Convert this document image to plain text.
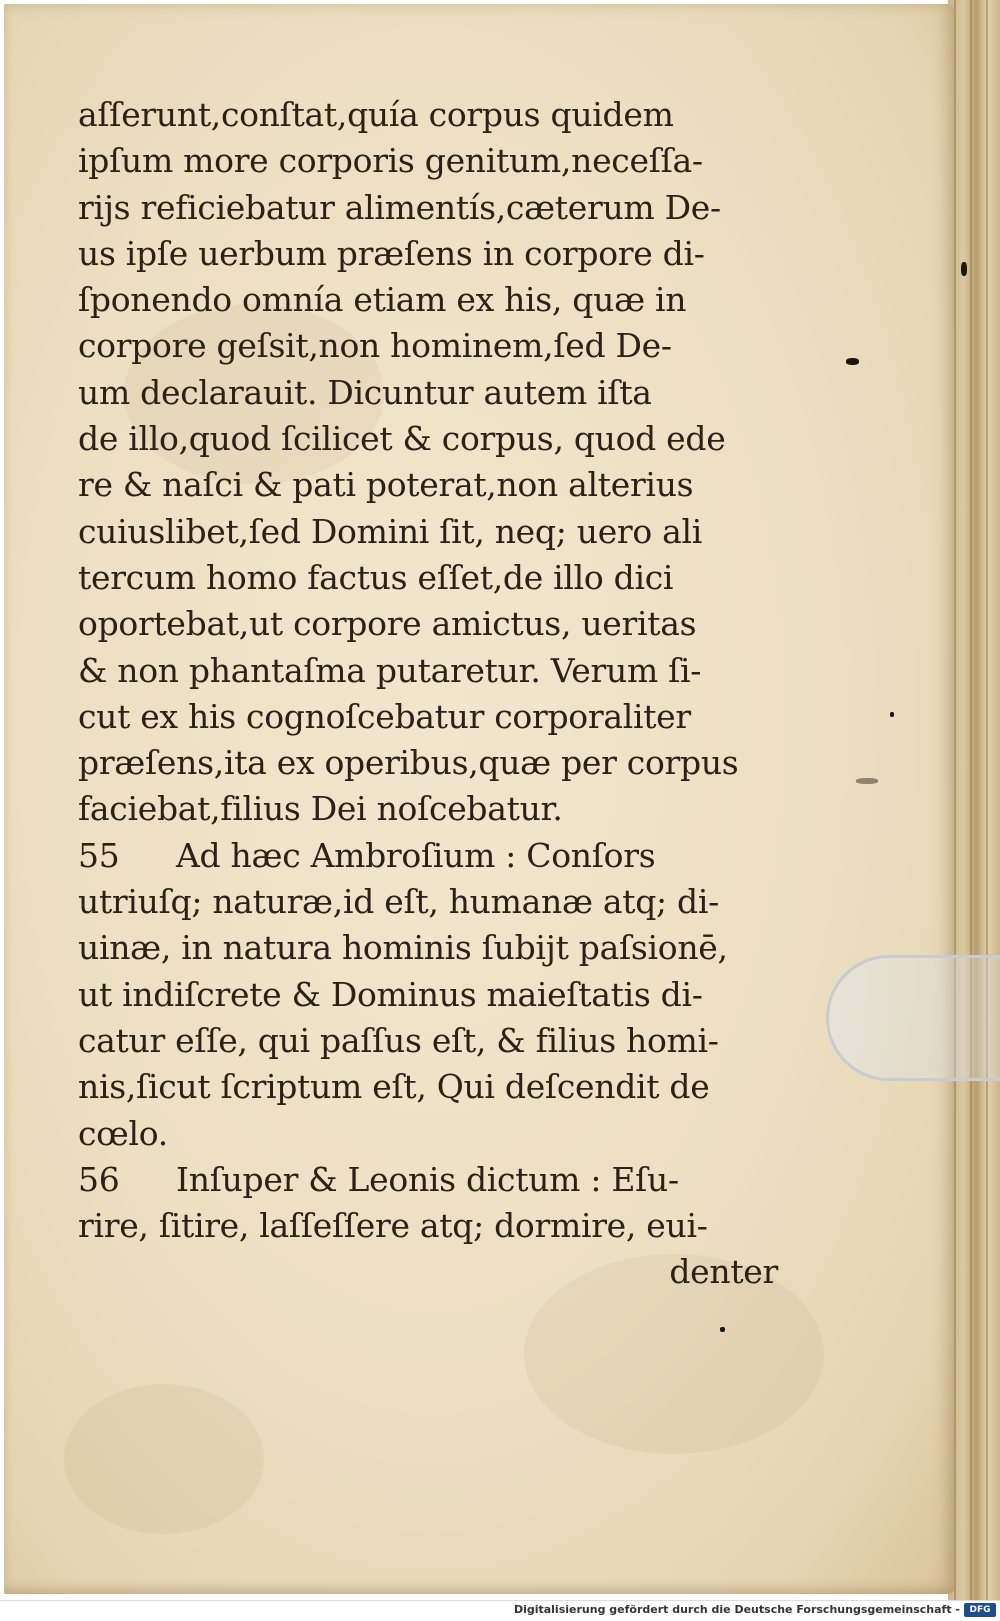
aſſerunt,conſtat,quía corpus quidem
ipſum more corporis genitum,neceſſa-
rijs reficiebatur alimentís,cæterum De-
us ipſe uerbum præſens in corpore di-
ſponendo omnía etiam ex his, quæ in
corpore geſsit,non hominem,ſed De-
um declarauit. Dicuntur autem iſta
de illo,quod ſcilicet & corpus, quod ede
re & naſci & pati poterat,non alterius
cuiuslibet,ſed Domini ſit, neq; uero ali
tercum homo factus eſſet,de illo dici
oportebat,ut corpore amictus, ueritas
& non phantaſma putaretur. Verum ſi-
cut ex his cognoſcebatur corporaliter
præſens,ita ex operibus,quæ per corpus
faciebat,filius Dei noſcebatur.
55 Ad hæc Ambroſium : Conſors
utriuſq; naturæ,id eſt, humanæ atq; di-
uinæ, in natura hominis ſubijt paſsionē,
ut indiſcrete & Dominus maieſtatis di-
catur eſſe, qui paſſus eſt, & filius homi-
nis,ſicut ſcriptum eſt, Qui deſcendit de
cœlo.
56 Inſuper & Leonis dictum : Eſu-
rire, ſitire, laſſeſſere atq; dormire, eui-
denter
Digitalisierung gefördert durch die Deutsche Forschungsgemeinschaft -	DFG
